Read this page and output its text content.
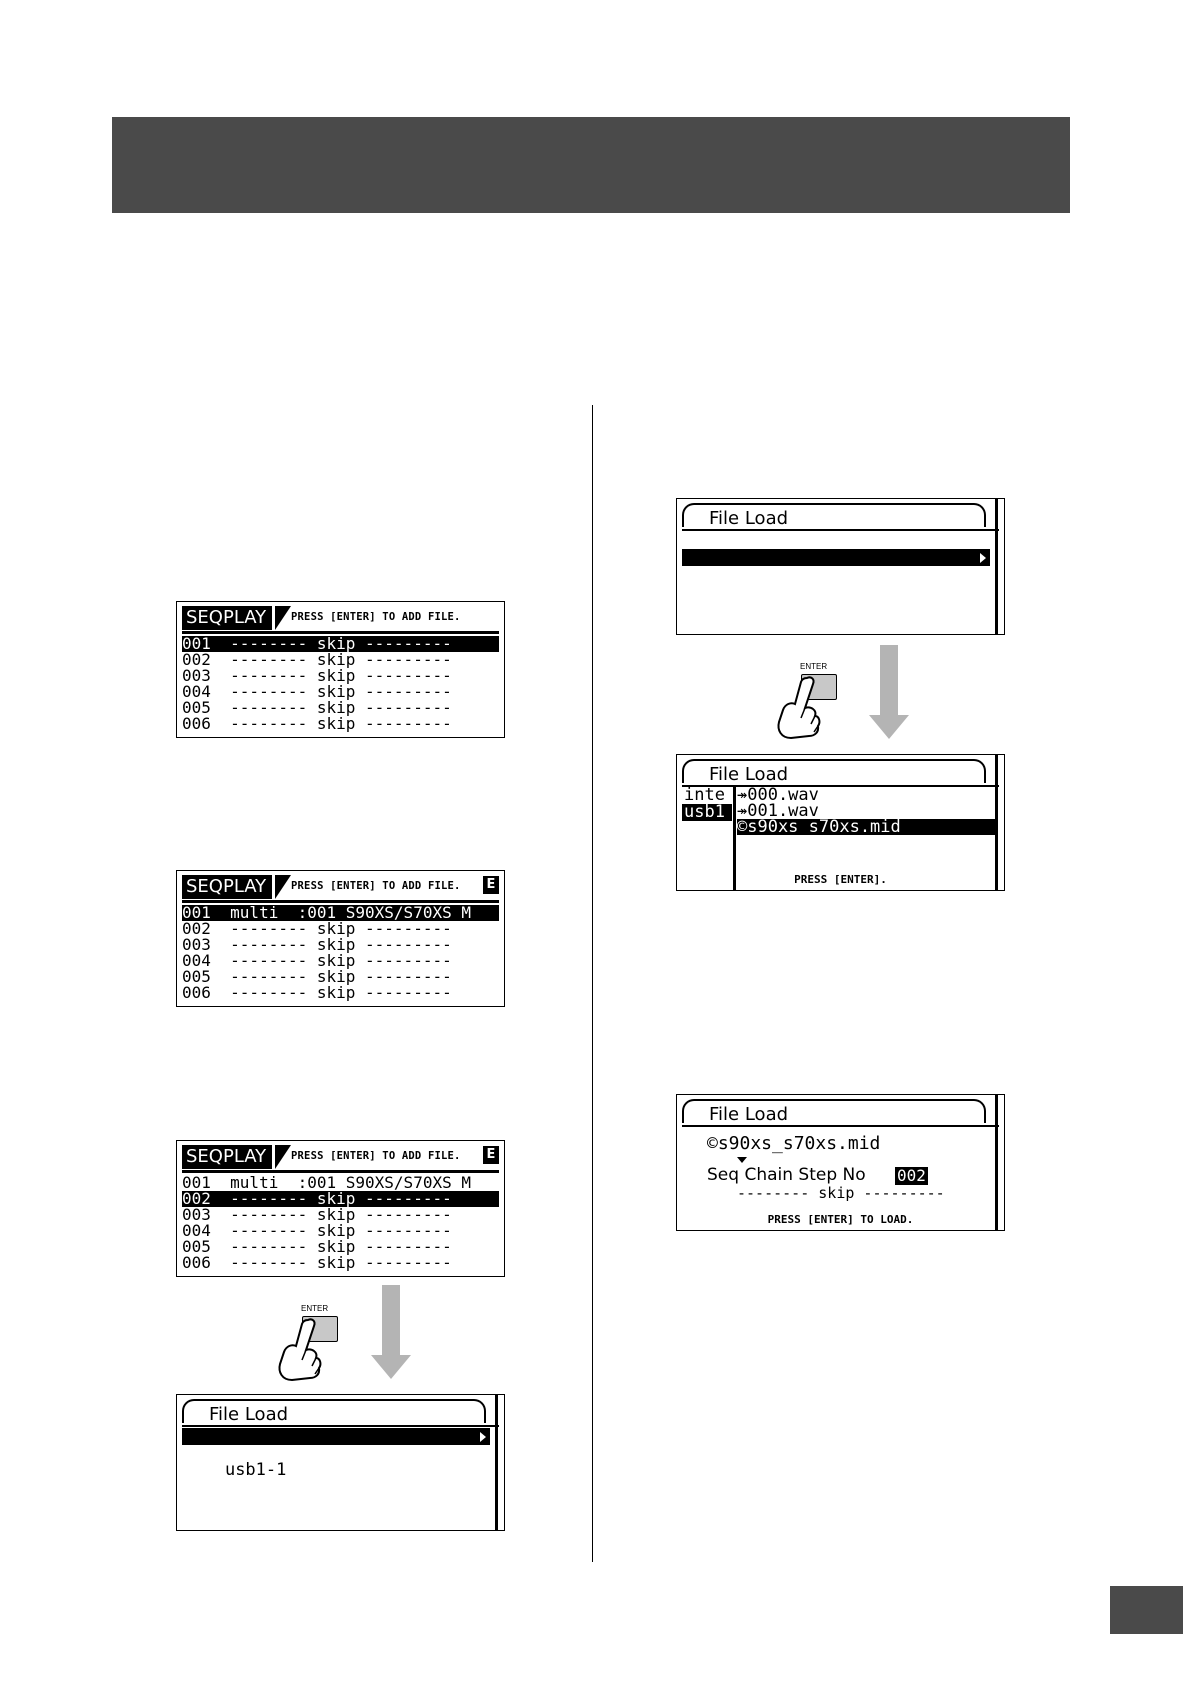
SEQPLAY	PRESS [ENTER] TO ADD FILE.
001  -------- skip ---------
002  -------- skip ---------
003  -------- skip ---------
004  -------- skip ---------
005  -------- skip ---------
006  -------- skip ---------
SEQPLAY	PRESS [ENTER] TO ADD FILE. E
001  multi  :001 S90XS/S70XS M
002  -------- skip ---------
003  -------- skip ---------
004  -------- skip ---------
005  -------- skip ---------
006  -------- skip ---------
SEQPLAY	PRESS [ENTER] TO ADD FILE. E
001  multi  :001 S90XS/S70XS M
002  -------- skip ---------
003  -------- skip ---------
004  -------- skip ---------
005  -------- skip ---------
006  -------- skip ---------
ENTER
File Load

internal

usb1-1

File Load

usb1-1

ENTER
File Load
inte
usb1
↠000.wav
↠001.wav
©s90xs_s70xs.mid
PRESS [ENTER].
File Load
©s90xs_s70xs.mid
Seq Chain Step No 002
-------- skip ---------
PRESS [ENTER] TO LOAD.
